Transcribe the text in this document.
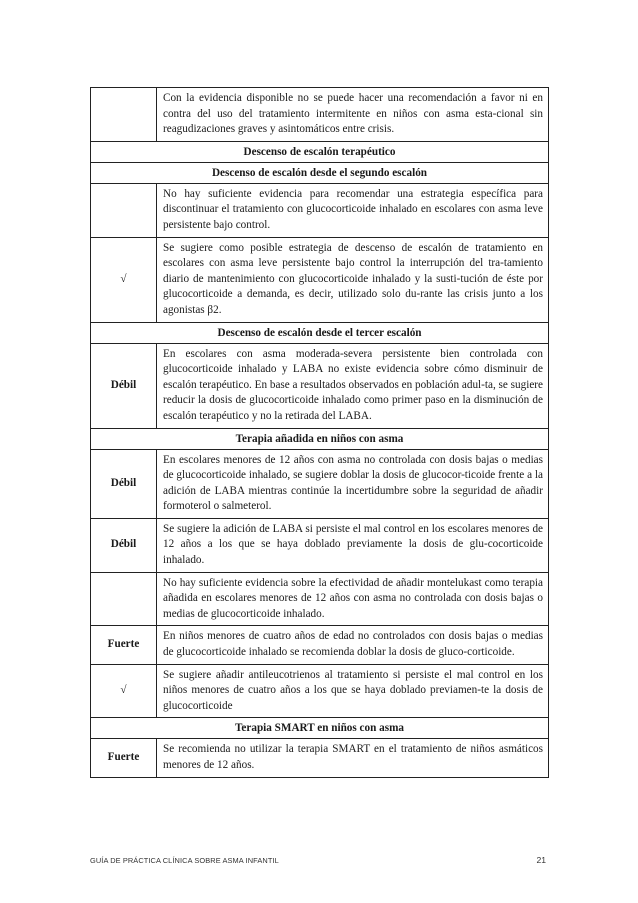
	Con la evidencia disponible no se puede hacer una recomendación a favor ni en contra del uso del tratamiento intermitente en niños con asma esta-cional sin reagudizaciones graves y asintomáticos entre crisis.
Descenso de escalón terapéutico	
Descenso de escalón desde el segundo escalón	
	No hay suficiente evidencia para recomendar una estrategia específica para discontinuar el tratamiento con glucocorticoide inhalado en escolares con asma leve persistente bajo control.
√	Se sugiere como posible estrategia de descenso de escalón de tratamiento en escolares con asma leve persistente bajo control la interrupción del tra-tamiento diario de mantenimiento con glucocorticoide inhalado y la susti-tución de éste por glucocorticoide a demanda, es decir, utilizado solo du-rante las crisis junto a los agonistas β2.
Descenso de escalón desde el tercer escalón	
Débil	En escolares con asma moderada-severa persistente bien controlada con glucocorticoide inhalado y LABA no existe evidencia sobre cómo disminuir de escalón terapéutico. En base a resultados observados en población adul-ta, se sugiere reducir la dosis de glucocorticoide inhalado como primer paso en la disminución de escalón terapéutico y no la retirada del LABA.
Terapia añadida en niños con asma	
Débil	En escolares menores de 12 años con asma no controlada con dosis bajas o medias de glucocorticoide inhalado, se sugiere doblar la dosis de glucocor-ticoide frente a la adición de LABA mientras continúe la incertidumbre sobre la seguridad de añadir formoterol o salmeterol.
Débil	Se sugiere la adición de LABA si persiste el mal control en los escolares menores de 12 años a los que se haya doblado previamente la dosis de glu-cocorticoide inhalado.
	No hay suficiente evidencia sobre la efectividad de añadir montelukast como terapia añadida en escolares menores de 12 años con asma no controlada con dosis bajas o medias de glucocorticoide inhalado.
Fuerte	En niños menores de cuatro años de edad no controlados con dosis bajas o medias de glucocorticoide inhalado se recomienda doblar la dosis de gluco-corticoide.
√	Se sugiere añadir antileucotrienos al tratamiento si persiste el mal control en los niños menores de cuatro años a los que se haya doblado previamen-te la dosis de glucocorticoide
Terapia SMART en niños con asma	
Fuerte	Se recomienda no utilizar la terapia SMART en el tratamiento de niños asmáticos menores de 12 años.
GUÍA DE PRÁCTICA CLÍNICA SOBRE ASMA INFANTIL	21
